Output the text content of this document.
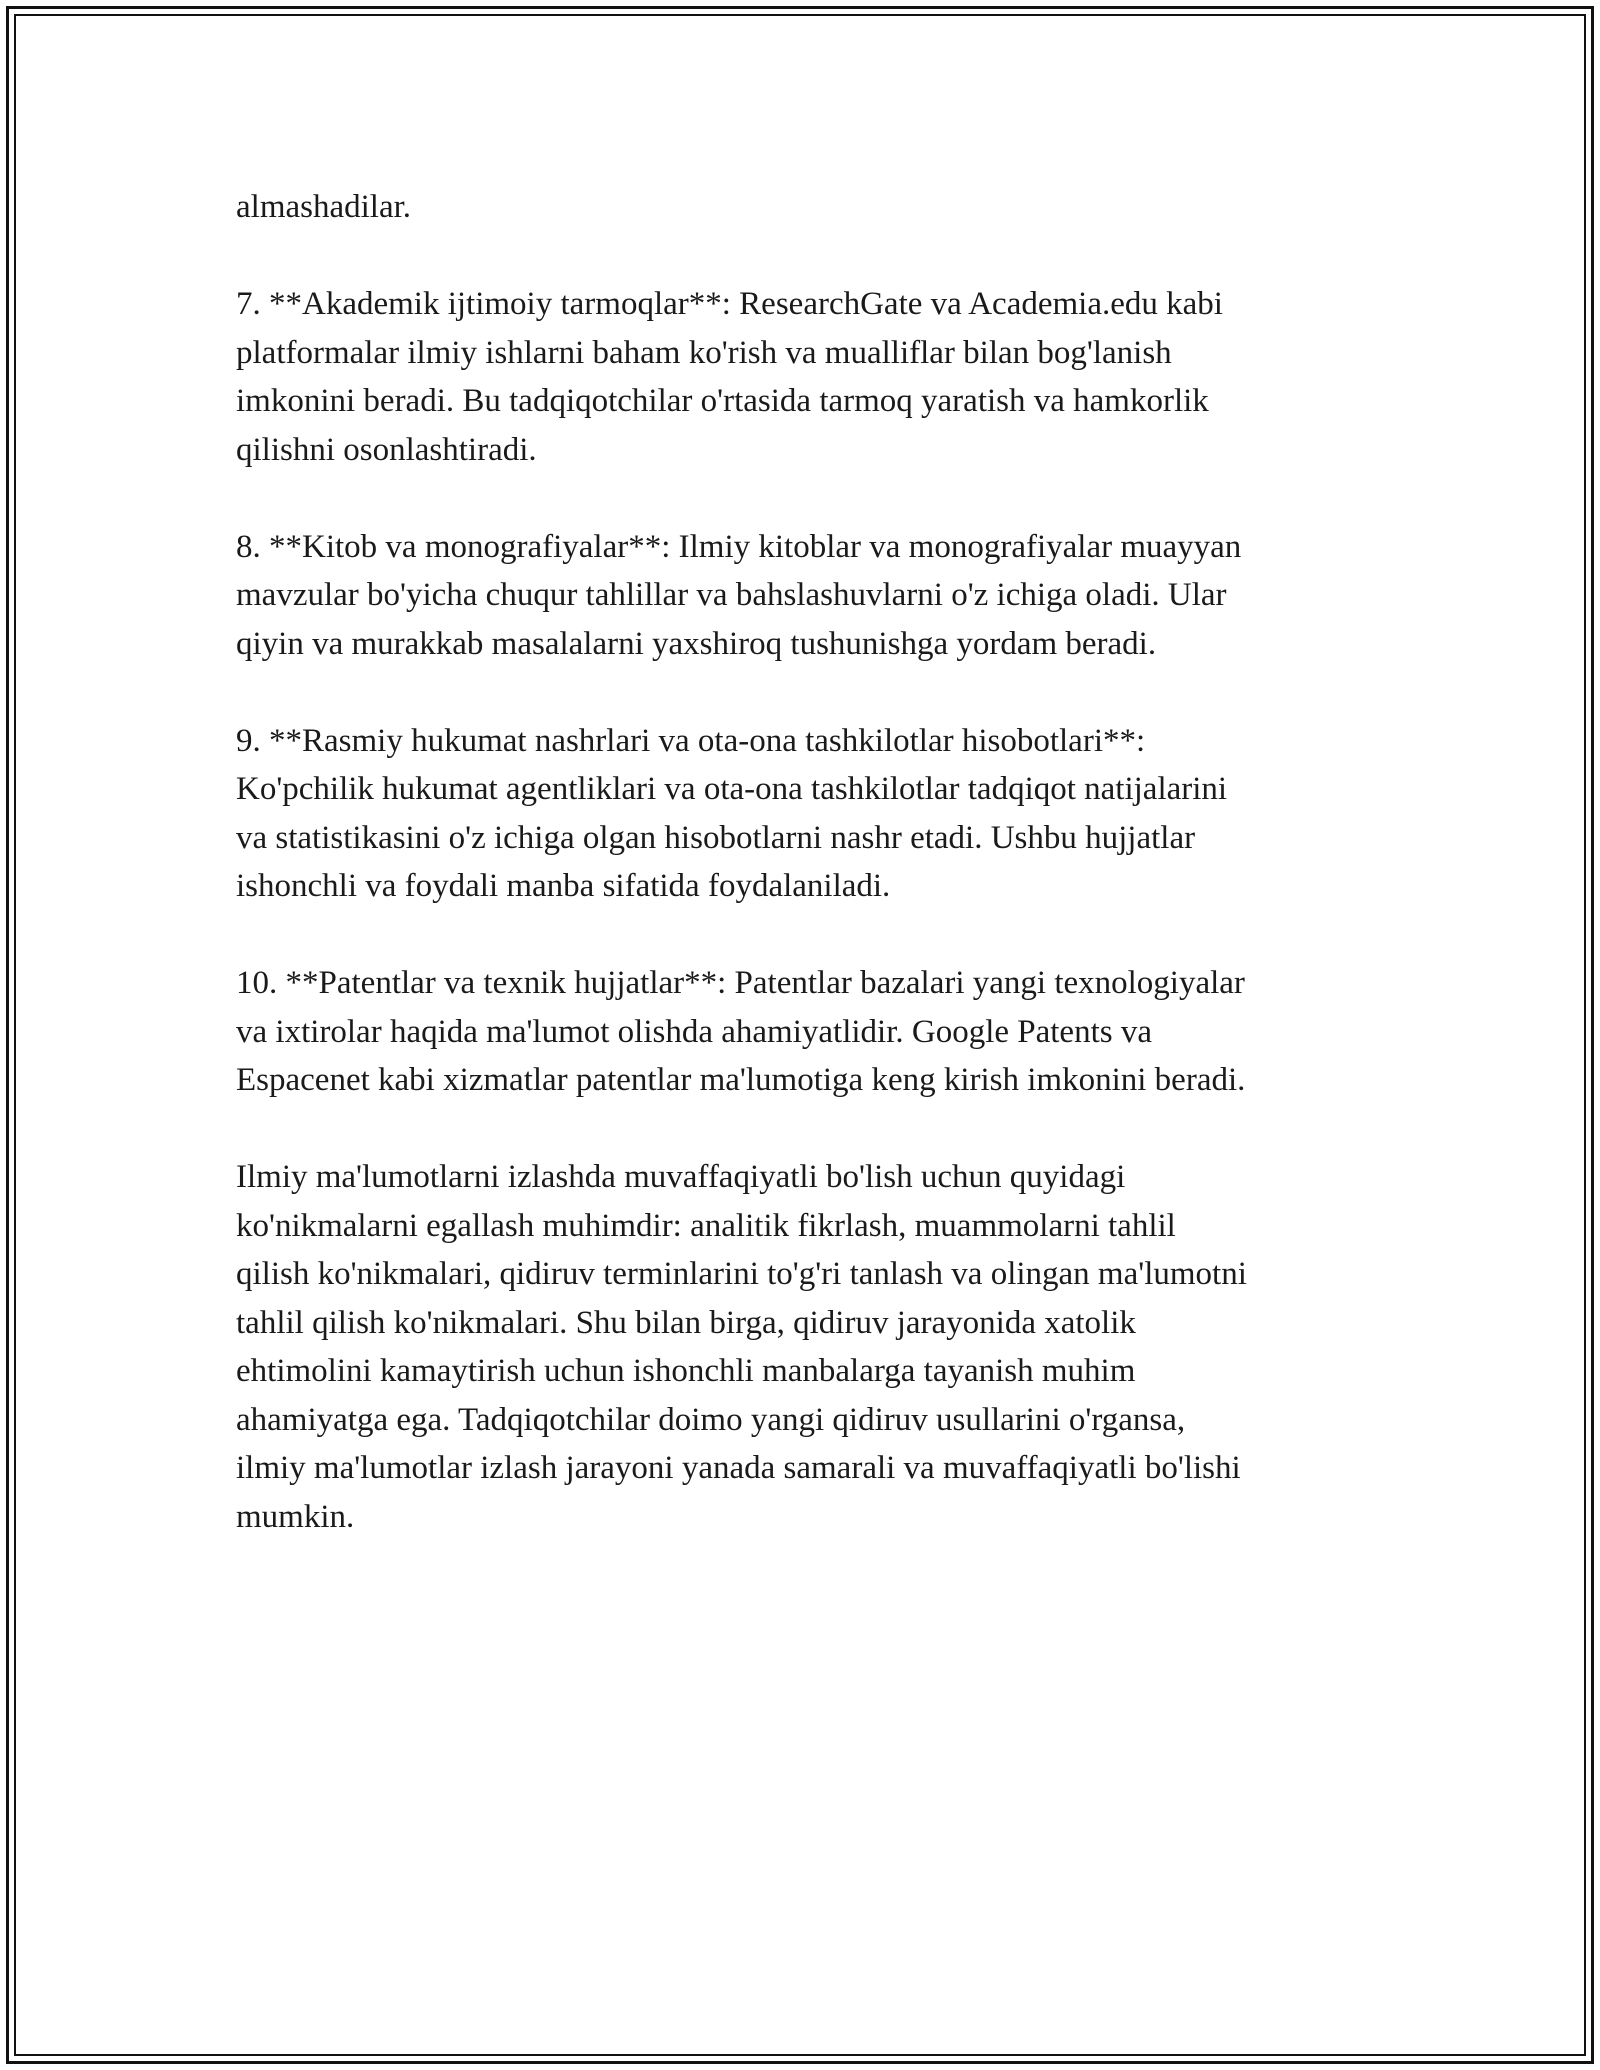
almashadilar.

7. **Akademik ijtimoiy tarmoqlar**: ResearchGate va Academia.edu kabi
platformalar ilmiy ishlarni baham ko'rish va mualliflar bilan bog'lanish
imkonini beradi. Bu tadqiqotchilar o'rtasida tarmoq yaratish va hamkorlik
qilishni osonlashtiradi.

8. **Kitob va monografiyalar**: Ilmiy kitoblar va monografiyalar muayyan
mavzular bo'yicha chuqur tahlillar va bahslashuvlarni o'z ichiga oladi. Ular
qiyin va murakkab masalalarni yaxshiroq tushunishga yordam beradi.

9. **Rasmiy hukumat nashrlari va ota-ona tashkilotlar hisobotlari**:
Ko'pchilik hukumat agentliklari va ota-ona tashkilotlar tadqiqot natijalarini
va statistikasini o'z ichiga olgan hisobotlarni nashr etadi. Ushbu hujjatlar
ishonchli va foydali manba sifatida foydalaniladi.

10. **Patentlar va texnik hujjatlar**: Patentlar bazalari yangi texnologiyalar
va ixtirolar haqida ma'lumot olishda ahamiyatlidir. Google Patents va
Espacenet kabi xizmatlar patentlar ma'lumotiga keng kirish imkonini beradi.

Ilmiy ma'lumotlarni izlashda muvaffaqiyatli bo'lish uchun quyidagi
ko'nikmalarni egallash muhimdir: analitik fikrlash, muammolarni tahlil
qilish ko'nikmalari, qidiruv terminlarini to'g'ri tanlash va olingan ma'lumotni
tahlil qilish ko'nikmalari. Shu bilan birga, qidiruv jarayonida xatolik
ehtimolini kamaytirish uchun ishonchli manbalarga tayanish muhim
ahamiyatga ega. Tadqiqotchilar doimo yangi qidiruv usullarini o'rgansa,
ilmiy ma'lumotlar izlash jarayoni yanada samarali va muvaffaqiyatli bo'lishi
mumkin.
